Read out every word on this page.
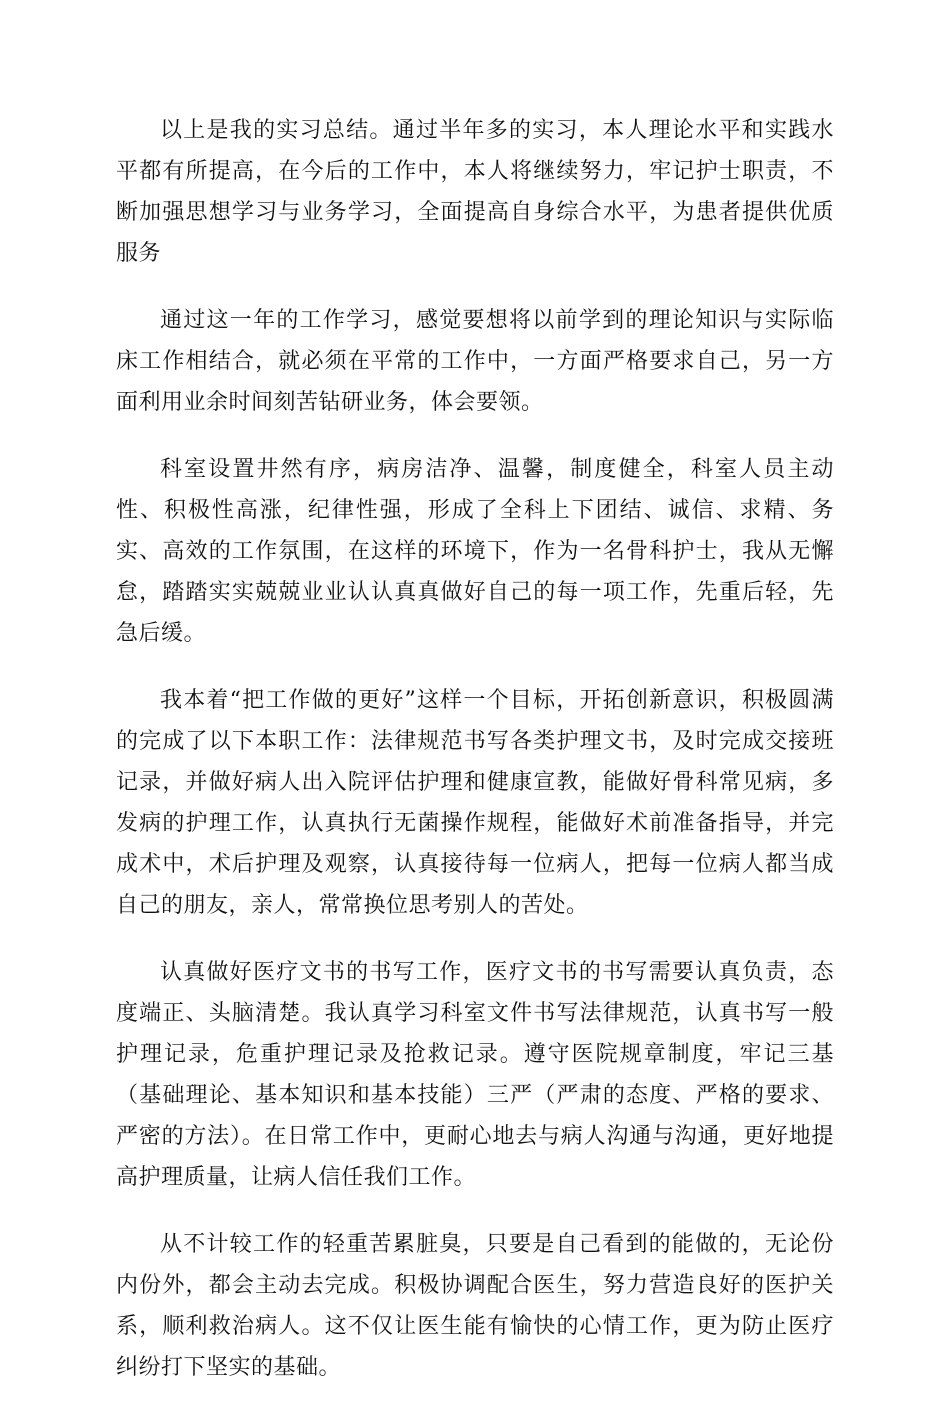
以上是我的实习总结。通过半年多的实习，本人理论水平和实践水平都有所提高，在今后的工作中，本人将继续努力，牢记护士职责，不断加强思想学习与业务学习，全面提高自身综合水平，为患者提供优质服务

通过这一年的工作学习，感觉要想将以前学到的理论知识与实际临床工作相结合，就必须在平常的工作中，一方面严格要求自己，另一方面利用业余时间刻苦钻研业务，体会要领。

科室设置井然有序，病房洁净、温馨，制度健全，科室人员主动性、积极性高涨，纪律性强，形成了全科上下团结、诚信、求精、务实、高效的工作氛围，在这样的环境下，作为一名骨科护士，我从无懈怠，踏踏实实兢兢业业认认真真做好自己的每一项工作，先重后轻，先急后缓。

我本着“把工作做的更好”这样一个目标，开拓创新意识，积极圆满的完成了以下本职工作：法律规范书写各类护理文书，及时完成交接班记录，并做好病人出入院评估护理和健康宣教，能做好骨科常见病，多发病的护理工作，认真执行无菌操作规程，能做好术前准备指导，并完成术中，术后护理及观察，认真接待每一位病人，把每一位病人都当成自己的朋友，亲人，常常换位思考别人的苦处。

认真做好医疗文书的书写工作，医疗文书的书写需要认真负责，态度端正、头脑清楚。我认真学习科室文件书写法律规范，认真书写一般护理记录，危重护理记录及抢救记录。遵守医院规章制度，牢记三基（基础理论、基本知识和基本技能）三严（严肃的态度、严格的要求、严密的方法）。在日常工作中，更耐心地去与病人沟通与沟通，更好地提高护理质量，让病人信任我们工作。

从不计较工作的轻重苦累脏臭，只要是自己看到的能做的，无论份内份外，都会主动去完成。积极协调配合医生，努力营造良好的医护关系，顺利救治病人。这不仅让医生能有愉快的心情工作，更为防止医疗纠纷打下坚实的基础。
